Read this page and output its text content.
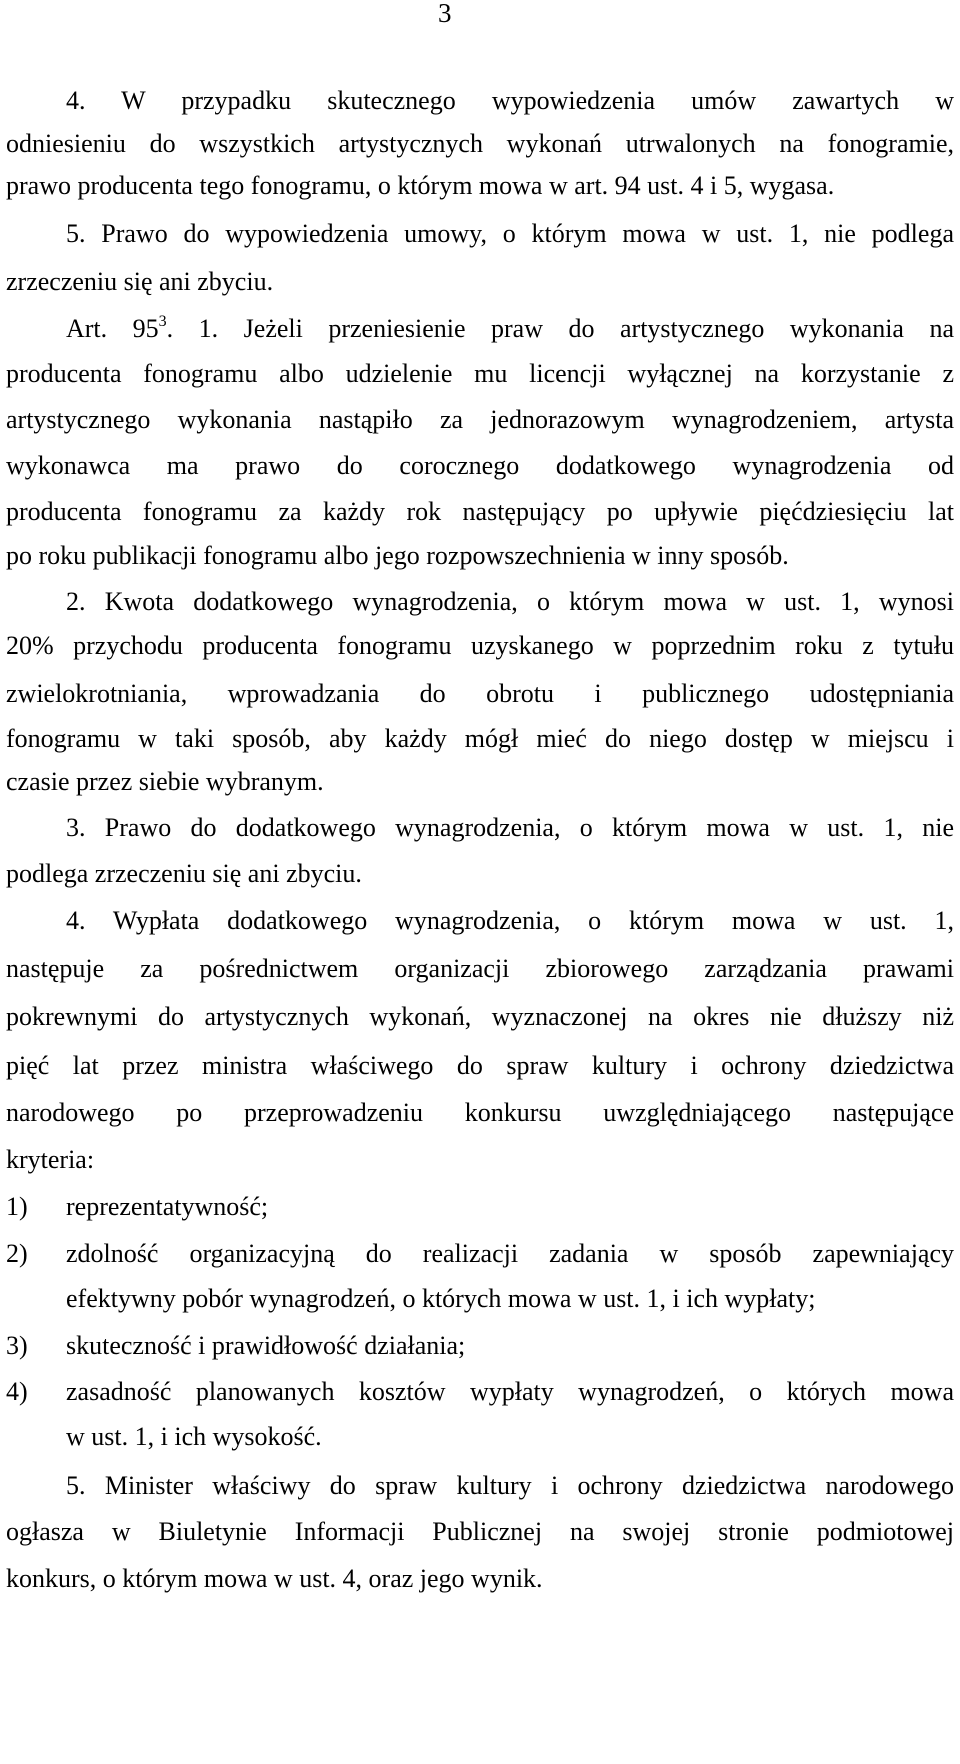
3
4. W przypadku skutecznego wypowiedzenia umów zawartych w
odniesieniu do wszystkich artystycznych wykonań utrwalonych na fonogramie,
prawo producenta tego fonogramu, o którym mowa w art. 94 ust. 4 i 5, wygasa.
5. Prawo do wypowiedzenia umowy, o którym mowa w ust. 1, nie podlega
zrzeczeniu się ani zbyciu.
Art. $95^3$. 1. Jeżeli przeniesienie praw do artystycznego wykonania na
producenta fonogramu albo udzielenie mu licencji wyłącznej na korzystanie z
artystycznego wykonania nastąpiło za jednorazowym wynagrodzeniem, artysta
wykonawca ma prawo do corocznego dodatkowego wynagrodzenia od
producenta fonogramu za każdy rok następujący po upływie pięćdziesięciu lat
po roku publikacji fonogramu albo jego rozpowszechnienia w inny sposób.
2. Kwota dodatkowego wynagrodzenia, o którym mowa w ust. 1, wynosi
20% przychodu producenta fonogramu uzyskanego w poprzednim roku z tytułu
zwielokrotniania, wprowadzania do obrotu i publicznego udostępniania
fonogramu w taki sposób, aby każdy mógł mieć do niego dostęp w miejscu i
czasie przez siebie wybranym.
3. Prawo do dodatkowego wynagrodzenia, o którym mowa w ust. 1, nie
podlega zrzeczeniu się ani zbyciu.
4. Wypłata dodatkowego wynagrodzenia, o którym mowa w ust. 1,
następuje za pośrednictwem organizacji zbiorowego zarządzania prawami
pokrewnymi do artystycznych wykonań, wyznaczonej na okres nie dłuższy niż
pięć lat przez ministra właściwego do spraw kultury i ochrony dziedzictwa
narodowego po przeprowadzeniu konkursu uwzględniającego następujące
kryteria:
1)	reprezentatywność;
2)	zdolność organizacyjną do realizacji zadania w sposób zapewniający
efektywny pobór wynagrodzeń, o których mowa w ust. 1, i ich wypłaty;
3)	skuteczność i prawidłowość działania;
4)	zasadność planowanych kosztów wypłaty wynagrodzeń, o których mowa
w ust. 1, i ich wysokość.
5. Minister właściwy do spraw kultury i ochrony dziedzictwa narodowego
ogłasza w Biuletynie Informacji Publicznej na swojej stronie podmiotowej
konkurs, o którym mowa w ust. 4, oraz jego wynik.
